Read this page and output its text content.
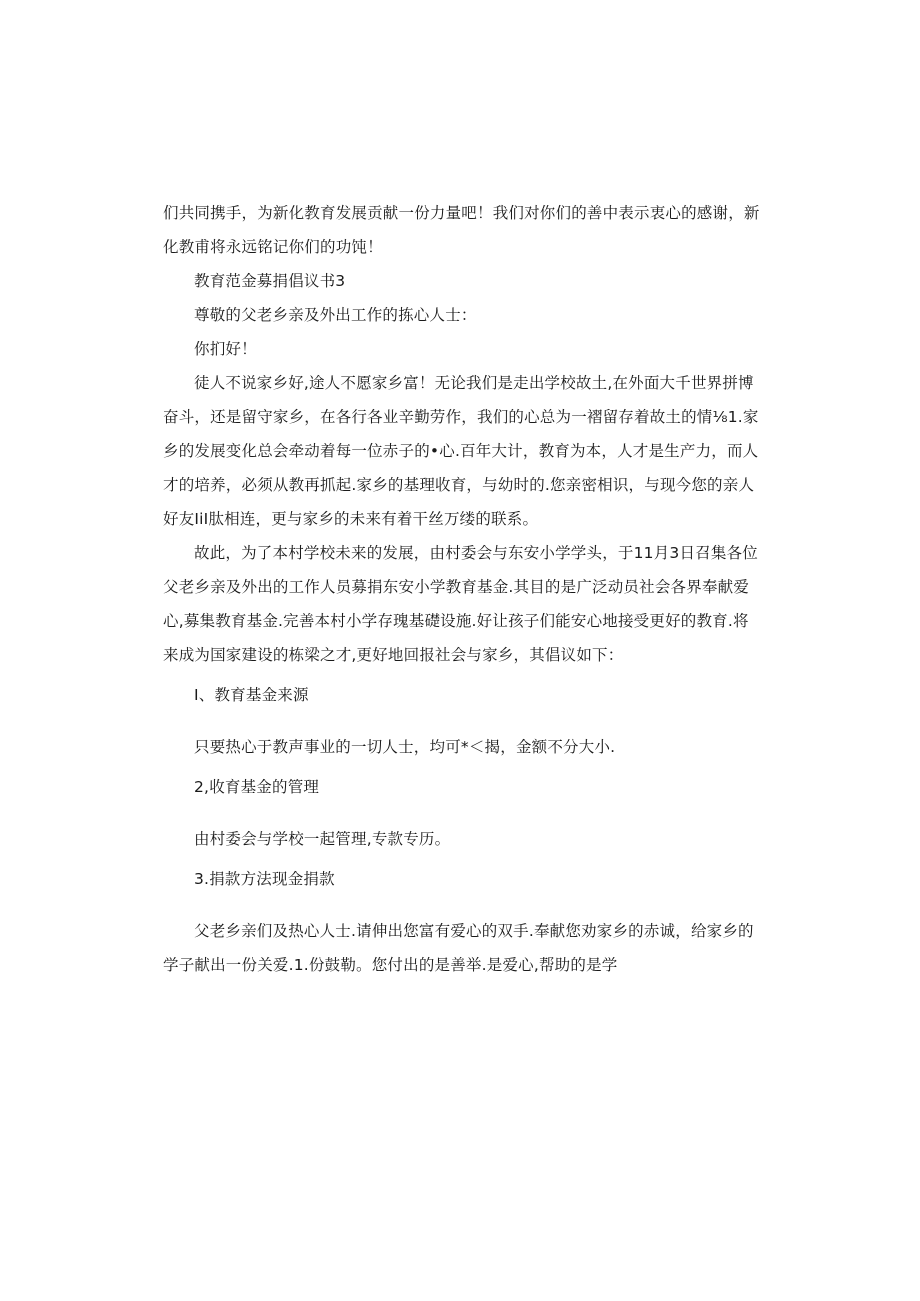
们共同携手，为新化教育发展贡献一份力量吧！我们对你们的善中表示衷心的感谢，新化教甫将永远铭记你们的功饨！

教育范金募捐倡议书3

尊敬的父老乡亲及外出工作的拣心人士：

你扪好！

徒人不说家乡好,途人不愿家乡富！无论我们是走出学校故土,在外面大千世界拼博奋斗，还是留守家乡，在各行各业辛勤劳作，我们的心总为一褶留存着故土的情⅛1.家乡的发展变化总会牵动着每一位赤子的•心.百年大计，教育为本，人才是生产力，而人才的培养，必须从教再抓起.家乡的基理收育，与幼时的.您亲密相识，与现今您的亲人好友IiI肽相连，更与家乡的未来有着干丝万缕的联系。

故此，为了本村学校未来的发展，由村委会与东安小学学头，于11月3日召集各位父老乡亲及外出的工作人员募捐东安小学教育基金.其目的是广泛动员社会各界奉献爱心,募集教育基金.完善本村小学存瑰基礎设施.好让孩子们能安心地接受更好的教育.将来成为国家建设的栋梁之才,更好地回报社会与家乡，其倡议如下：

I、教育基金来源

只要热心于教声事业的一切人士，均可*＜揭，金额不分大小.

2,收育基金的管理

由村委会与学校一起管理,专款专历。

3.捐款方法现金捐款

父老乡亲们及热心人士.请伸出您富有爱心的双手.奉献您劝家乡的赤诚，给家乡的学子献出一份关爱.1.份鼓勒。您付出的是善举.是爱心,帮助的是学
